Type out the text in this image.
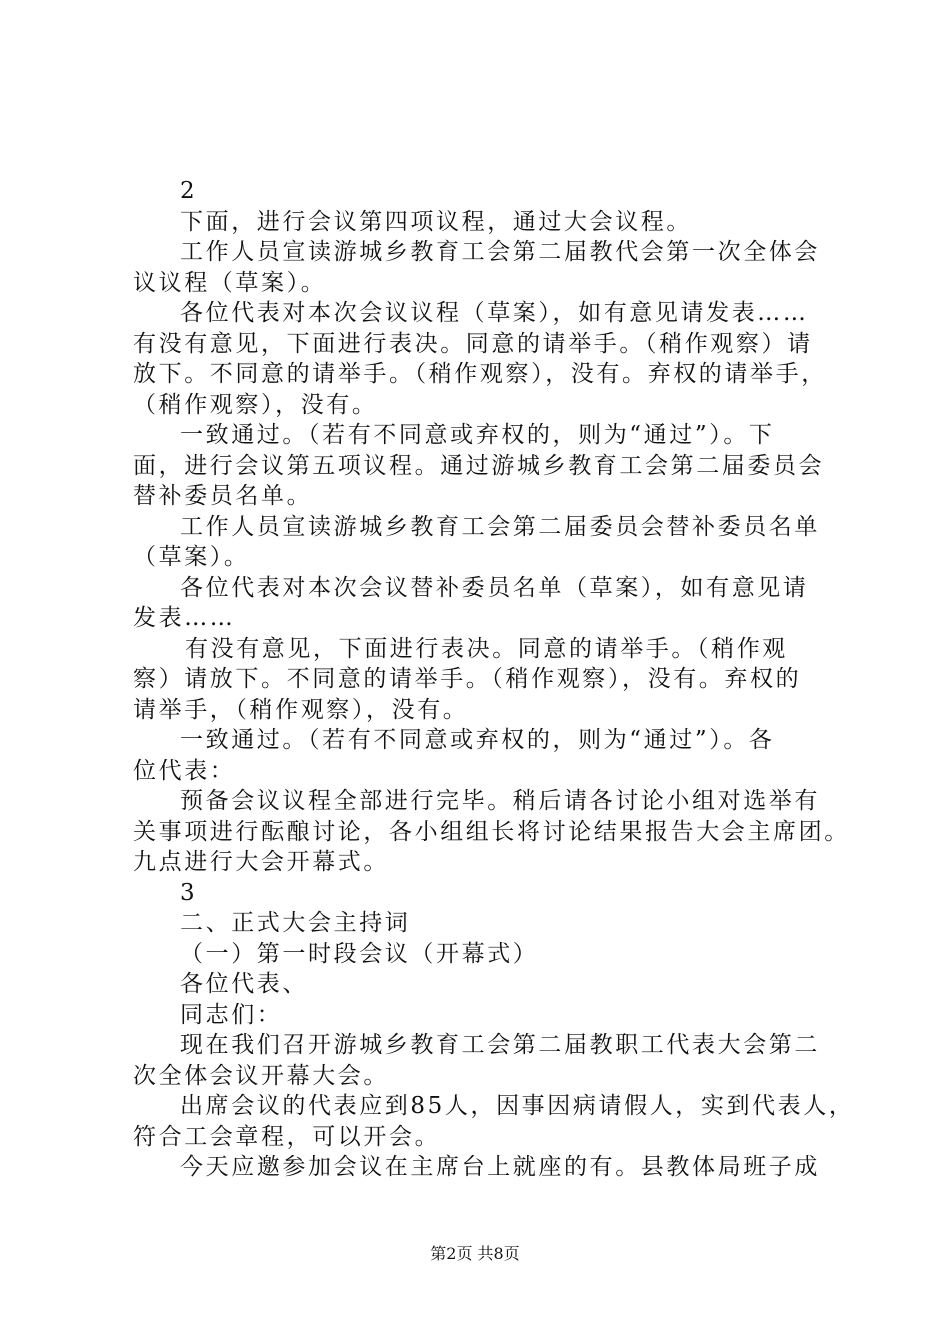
2
下面，进行会议第四项议程，通过大会议程。
工作人员宣读游城乡教育工会第二届教代会第一次全体会
议议程（草案）。
各位代表对本次会议议程（草案），如有意见请发表……
有没有意见，下面进行表决。同意的请举手。（稍作观察）请
放下。不同意的请举手。（稍作观察），没有。弃权的请举手，
（稍作观察），没有。
一致通过。（若有不同意或弃权的，则为“通过”）。下
面，进行会议第五项议程。通过游城乡教育工会第二届委员会
替补委员名单。
工作人员宣读游城乡教育工会第二届委员会替补委员名单
（草案）。
各位代表对本次会议替补委员名单（草案），如有意见请
发表……
有没有意见，下面进行表决。同意的请举手。（稍作观
察）请放下。不同意的请举手。（稍作观察），没有。弃权的
请举手，（稍作观察），没有。
一致通过。（若有不同意或弃权的，则为“通过”）。各
位代表：
预备会议议程全部进行完毕。稍后请各讨论小组对选举有
关事项进行酝酿讨论，各小组组长将讨论结果报告大会主席团。
九点进行大会开幕式。
3
二、正式大会主持词
（一）第一时段会议（开幕式）
各位代表、
同志们：
现在我们召开游城乡教育工会第二届教职工代表大会第二
次全体会议开幕大会。
出席会议的代表应到85人，因事因病请假人，实到代表人，
符合工会章程，可以开会。
今天应邀参加会议在主席台上就座的有。县教体局班子成
第2页 共8页
